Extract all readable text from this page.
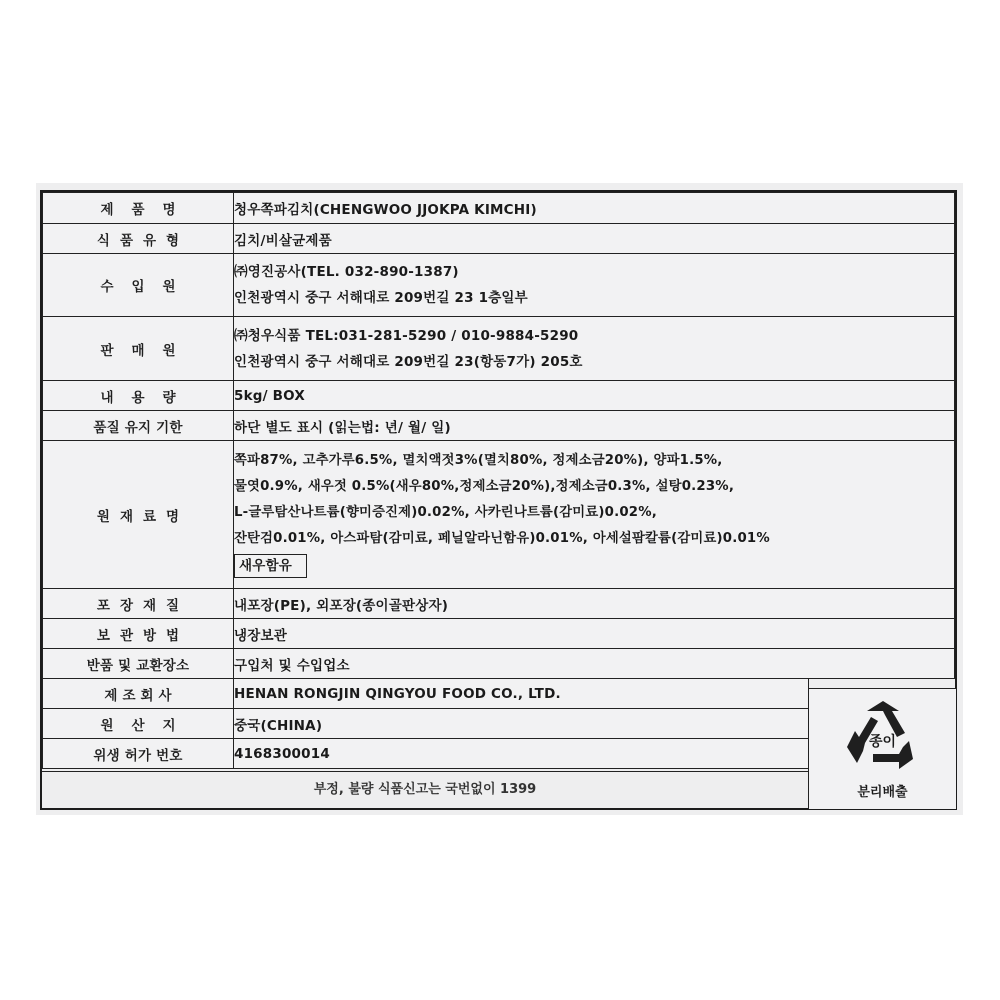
제품명	청우쪽파김치(CHENGWOO JJOKPA KIMCHI)	
식품유형	김치/비살균제품	
수입원	㈜영진공사(TEL. 032-890-1387)
인천광역시 중구 서해대로 209번길 23 1층일부	

판매원	㈜청우식품 TEL:031-281-5290 / 010-9884-5290
인천광역시 중구 서해대로 209번길 23(항동7가) 205호	

내용량	5kg/ BOX	
품질 유지 기한	하단 별도 표시 (읽는법: 년/ 월/ 일)	
원재료명	쪽파87%, 고추가루6.5%, 멸치액젓3%(멸치80%, 정제소금20%), 양파1.5%,
물엿0.9%, 새우젓 0.5%(새우80%,정제소금20%),정제소금0.3%, 설탕0.23%,
L-글루탐산나트륨(향미증진제)0.02%, 사카린나트륨(감미료)0.02%,
잔탄검0.01%, 아스파탐(감미료, 페닐알라닌함유)0.01%, 아세설팜칼륨(감미료)0.01%
새우함유	
포장재질	내포장(PE), 외포장(종이골판상자)	
보관방법	냉장보관	
반품 및 교환장소	구입처 및 수입업소	
제조회사	HENAN RONGJIN QINGYOU FOOD CO., LTD.	
원산지	중국(CHINA)	
위생 허가 번호	4168300014	
부정, 불량 식품신고는 국번없이 1399
종이
분리배출
